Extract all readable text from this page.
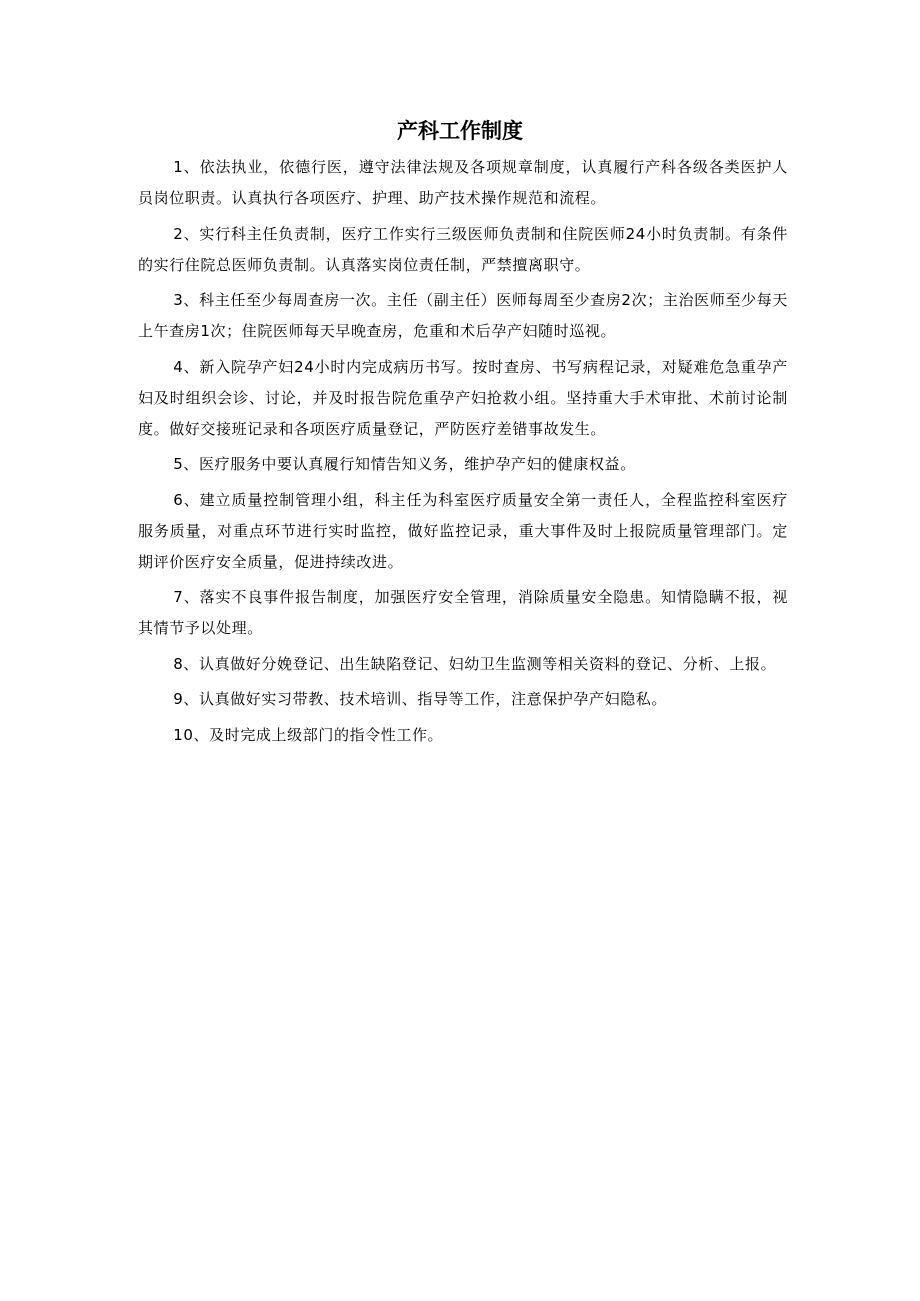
产科工作制度

1、依法执业，依德行医，遵守法律法规及各项规章制度，认真履行产科各级各类医护人员岗位职责。认真执行各项医疗、护理、助产技术操作规范和流程。

2、实行科主任负责制，医疗工作实行三级医师负责制和住院医师24小时负责制。有条件的实行住院总医师负责制。认真落实岗位责任制，严禁擅离职守。

3、科主任至少每周查房一次。主任（副主任）医师每周至少查房2次；主治医师至少每天上午查房1次；住院医师每天早晚查房，危重和术后孕产妇随时巡视。

4、新入院孕产妇24小时内完成病历书写。按时查房、书写病程记录，对疑难危急重孕产妇及时组织会诊、讨论，并及时报告院危重孕产妇抢救小组。坚持重大手术审批、术前讨论制度。做好交接班记录和各项医疗质量登记，严防医疗差错事故发生。

5、医疗服务中要认真履行知情告知义务，维护孕产妇的健康权益。

6、建立质量控制管理小组，科主任为科室医疗质量安全第一责任人，全程监控科室医疗服务质量，对重点环节进行实时监控，做好监控记录，重大事件及时上报院质量管理部门。定期评价医疗安全质量，促进持续改进。

7、落实不良事件报告制度，加强医疗安全管理，消除质量安全隐患。知情隐瞒不报，视其情节予以处理。

8、认真做好分娩登记、出生缺陷登记、妇幼卫生监测等相关资料的登记、分析、上报。

9、认真做好实习带教、技术培训、指导等工作，注意保护孕产妇隐私。

10、及时完成上级部门的指令性工作。
